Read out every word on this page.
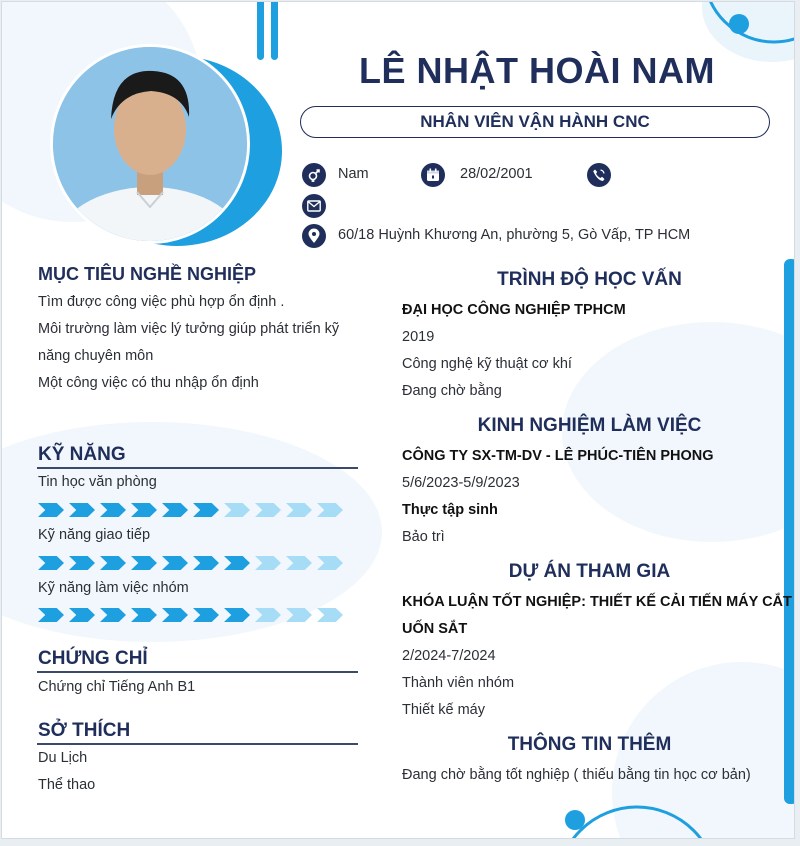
LÊ NHẬT HOÀI NAM
NHÂN VIÊN VẬN HÀNH CNC
Nam	28/02/2001
60/18 Huỳnh Khương An, phường 5, Gò Vấp, TP HCM
MỤC TIÊU NGHỀ NGHIỆP
Tìm được công việc phù hợp ổn định .
Môi trường làm việc lý tưởng giúp phát triển kỹ
năng chuyên môn
Một công việc có thu nhập ổn định
KỸ NĂNG
Tin học văn phòng
Kỹ năng giao tiếp
Kỹ năng làm việc nhóm
CHỨNG CHỈ
Chứng chỉ Tiếng Anh B1
SỞ THÍCH
Du Lịch
Thể thao
TRÌNH ĐỘ HỌC VẤN
ĐẠI HỌC CÔNG NGHIỆP TPHCM
2019
Công nghệ kỹ thuật cơ khí
Đang chờ bằng
KINH NGHIỆM LÀM VIỆC
CÔNG TY SX-TM-DV - LÊ PHÚC-TIÊN PHONG
5/6/2023-5/9/2023
Thực tập sinh
Bảo trì
DỰ ÁN THAM GIA
KHÓA LUẬN TỐT NGHIỆP: THIẾT KẾ CẢI TIẾN MÁY CẮT
UỐN SẮT
2/2024-7/2024
Thành viên nhóm
Thiết kế máy
THÔNG TIN THÊM
Đang chờ bằng tốt nghiệp ( thiếu bằng tin học cơ bản)
